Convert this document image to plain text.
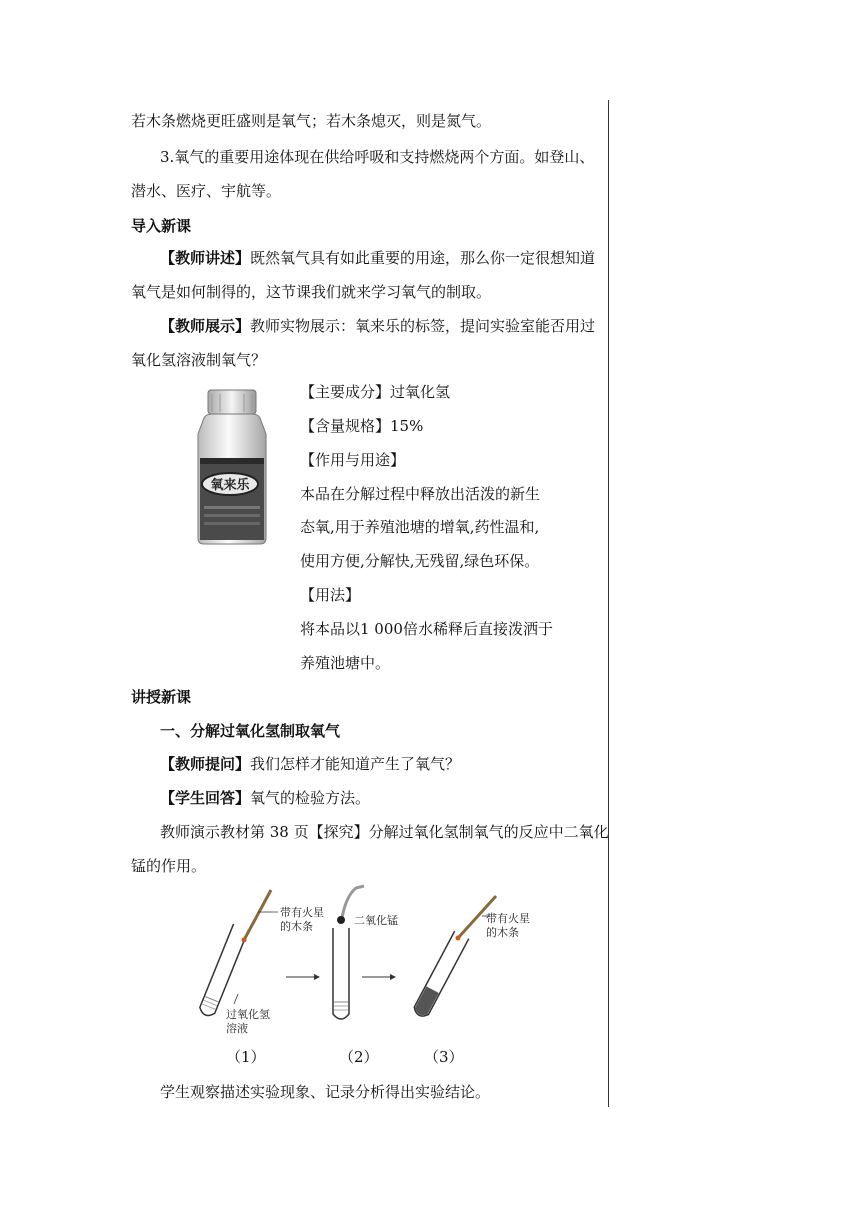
若木条燃烧更旺盛则是氧气；若木条熄灭，则是氮气。
3.氧气的重要用途体现在供给呼吸和支持燃烧两个方面。如登山、
潜水、医疗、宇航等。
导入新课
【教师讲述】既然氧气具有如此重要的用途，那么你一定很想知道
氧气是如何制得的，这节课我们就来学习氧气的制取。
【教师展示】教师实物展示：氧来乐的标签，提问实验室能否用过
氧化氢溶液制氧气？
氧来乐
【主要成分】过氧化氢
【含量规格】15%
【作用与用途】
本品在分解过程中释放出活泼的新生
态氧,用于养殖池塘的增氧,药性温和,
使用方便,分解快,无残留,绿色环保。
【用法】
将本品以1 000倍水稀释后直接泼洒于
养殖池塘中。
讲授新课
一、分解过氧化氢制取氧气
【教师提问】我们怎样才能知道产生了氧气？
【学生回答】氧气的检验方法。
教师演示教材第 38 页【探究】分解过氧化氢制氧气的反应中二氧化
锰的作用。
带有火星
的木条
过氧化氢
溶液
二氧化锰	带有火星
的木条
（1）	（2）	（3）
学生观察描述实验现象、记录分析得出实验结论。
